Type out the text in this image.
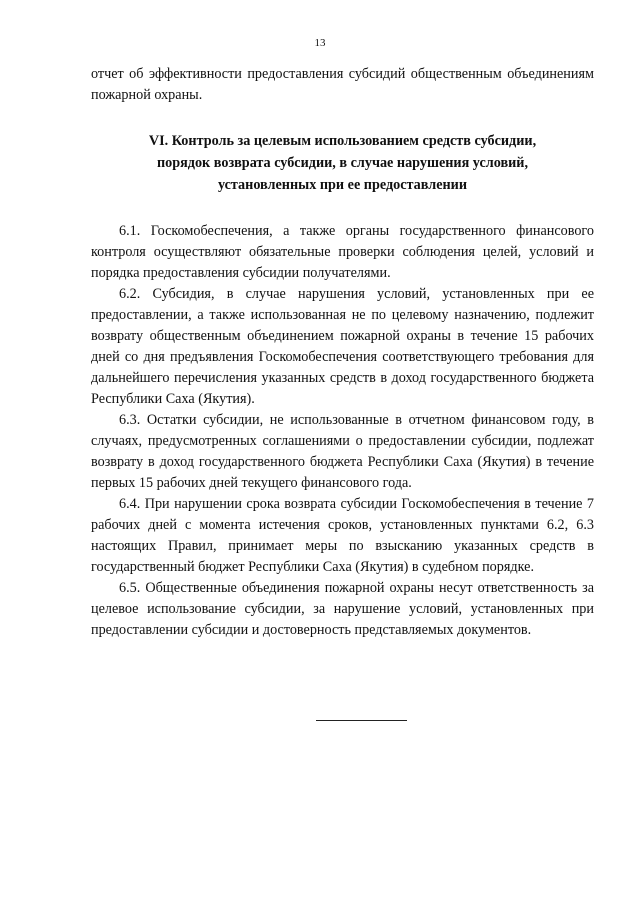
13

отчет об эффективности предоставления субсидий общественным объединениям пожарной охраны.

VI. Контроль за целевым использованием средств субсидии,
порядок возврата субсидии, в случае нарушения условий,
установленных при ее предоставлении

6.1. Госкомобеспечения, а также органы государственного финансового контроля осуществляют обязательные проверки соблюдения целей, условий и порядка предоставления субсидии получателями.

6.2. Субсидия, в случае нарушения условий, установленных при ее предоставлении, а также использованная не по целевому назначению, подлежит возврату общественным объединением пожарной охраны в течение 15 рабочих дней со дня предъявления Госкомобеспечения соответствующего требования для дальнейшего перечисления указанных средств в доход государственного бюджета Республики Саха (Якутия).

6.3. Остатки субсидии, не использованные в отчетном финансовом году, в случаях, предусмотренных соглашениями о предоставлении субсидии, подлежат возврату в доход государственного бюджета Республики Саха (Якутия) в течение первых 15 рабочих дней текущего финансового года.

6.4. При нарушении срока возврата субсидии Госкомобеспечения в течение 7 рабочих дней с момента истечения сроков, установленных пунктами 6.2, 6.3 настоящих Правил, принимает меры по взысканию указанных средств в государственный бюджет Республики Саха (Якутия) в судебном порядке.

6.5. Общественные объединения пожарной охраны несут ответственность за целевое использование субсидии, за нарушение условий, установленных при предоставлении субсидии и достоверность представляемых документов.
